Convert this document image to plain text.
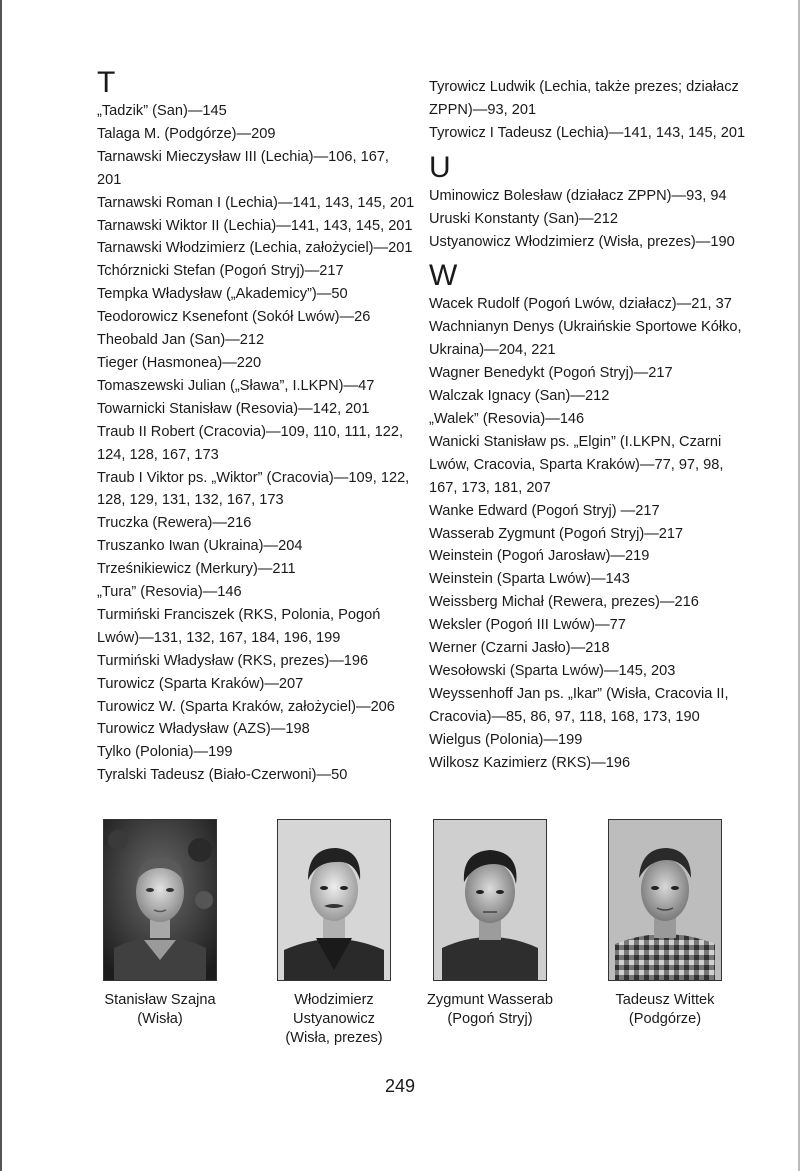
T

„Tadzik” (San)—145

Talaga M. (Podgórze)—209

Tarnawski Mieczysław III (Lechia)—106, 167, 201

Tarnawski Roman I (Lechia)—141, 143, 145, 201

Tarnawski Wiktor II (Lechia)—141, 143, 145, 201

Tarnawski Włodzimierz (Lechia, założyciel)—201

Tchórznicki Stefan (Pogoń Stryj)—217

Tempka Władysław („Akademicy”)—50

Teodorowicz Ksenefont (Sokół Lwów)—26

Theobald Jan (San)—212

Tieger (Hasmonea)—220

Tomaszewski Julian („Sława”, I.LKPN)—47

Towarnicki Stanisław (Resovia)—142, 201

Traub II Robert (Cracovia)—109, 110, 111, 122, 124, 128, 167, 173

Traub I Viktor ps. „Wiktor” (Cracovia)—109, 122, 128, 129, 131, 132, 167, 173

Truczka (Rewera)—216

Truszanko Iwan (Ukraina)—204

Trześnikiewicz (Merkury)—211

„Tura” (Resovia)—146

Turmiński Franciszek (RKS, Polonia, Pogoń Lwów)—131, 132, 167, 184, 196, 199

Turmiński Władysław (RKS, prezes)—196

Turowicz (Sparta Kraków)—207

Turowicz W. (Sparta Kraków, założyciel)—206

Turowicz Władysław (AZS)—198

Tylko (Polonia)—199

Tyralski Tadeusz (Biało-Czerwoni)—50

Tyrowicz Ludwik (Lechia, także prezes; działacz ZPPN)—93, 201

Tyrowicz I Tadeusz (Lechia)—141, 143, 145, 201

U

Uminowicz Bolesław (działacz ZPPN)—93, 94

Uruski Konstanty (San)—212

Ustyanowicz Włodzimierz (Wisła, prezes)—190

W

Wacek Rudolf (Pogoń Lwów, działacz)—21, 37

Wachnianyn Denys (Ukraińskie Sportowe Kółko, Ukraina)—204, 221

Wagner Benedykt (Pogoń Stryj)—217

Walczak Ignacy (San)—212

„Walek” (Resovia)—146

Wanicki Stanisław ps. „Elgin” (I.LKPN, Czarni Lwów, Cracovia, Sparta Kraków)—77, 97, 98, 167, 173, 181, 207

Wanke Edward (Pogoń Stryj) —217

Wasserab Zygmunt (Pogoń Stryj)—217

Weinstein (Pogoń Jarosław)—219

Weinstein (Sparta Lwów)—143

Weissberg Michał (Rewera, prezes)—216

Weksler (Pogoń III Lwów)—77

Werner (Czarni Jasło)—218

Wesołowski (Sparta Lwów)—145, 203

Weyssenhoff Jan ps. „Ikar” (Wisła, Cracovia II, Cracovia)—85, 86, 97, 118, 168, 173, 190

Wielgus (Polonia)—199

Wilkosz Kazimierz (RKS)—196

Stanisław Szajna
(Wisła)
Włodzimierz
Ustyanowicz
(Wisła, prezes)
Zygmunt Wasserab
(Pogoń Stryj)
Tadeusz Wittek
(Podgórze)
249
